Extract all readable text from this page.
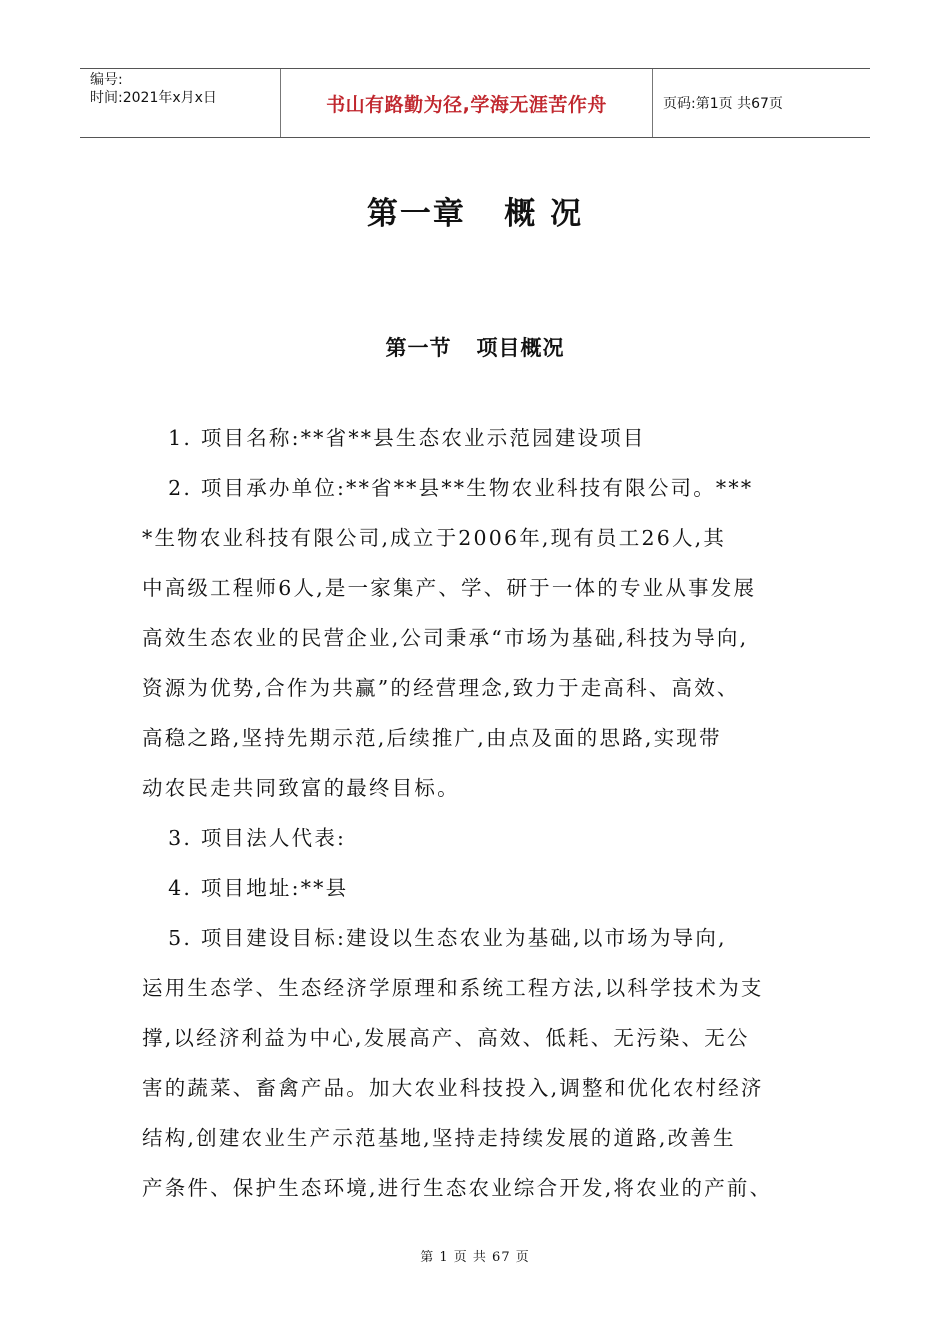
编号:
时间:2021年x月x日	书山有路勤为径,学海无涯苦作舟	页码:第1页 共67页
第一章   概 况
第一节   项目概况
1. 项目名称:**省**县生态农业示范园建设项目
2. 项目承办单位:**省**县**生物农业科技有限公司。***
*生物农业科技有限公司,成立于2006年,现有员工26人,其
中高级工程师6人,是一家集产、学、研于一体的专业从事发展
高效生态农业的民营企业,公司秉承“市场为基础,科技为导向,
资源为优势,合作为共赢”的经营理念,致力于走高科、高效、
高稳之路,坚持先期示范,后续推广,由点及面的思路,实现带
动农民走共同致富的最终目标。
3. 项目法人代表:
4. 项目地址:**县
5. 项目建设目标:建设以生态农业为基础,以市场为导向,
运用生态学、生态经济学原理和系统工程方法,以科学技术为支
撑,以经济利益为中心,发展高产、高效、低耗、无污染、无公
害的蔬菜、畜禽产品。加大农业科技投入,调整和优化农村经济
结构,创建农业生产示范基地,坚持走持续发展的道路,改善生
产条件、保护生态环境,进行生态农业综合开发,将农业的产前、
第 1 页 共 67 页
